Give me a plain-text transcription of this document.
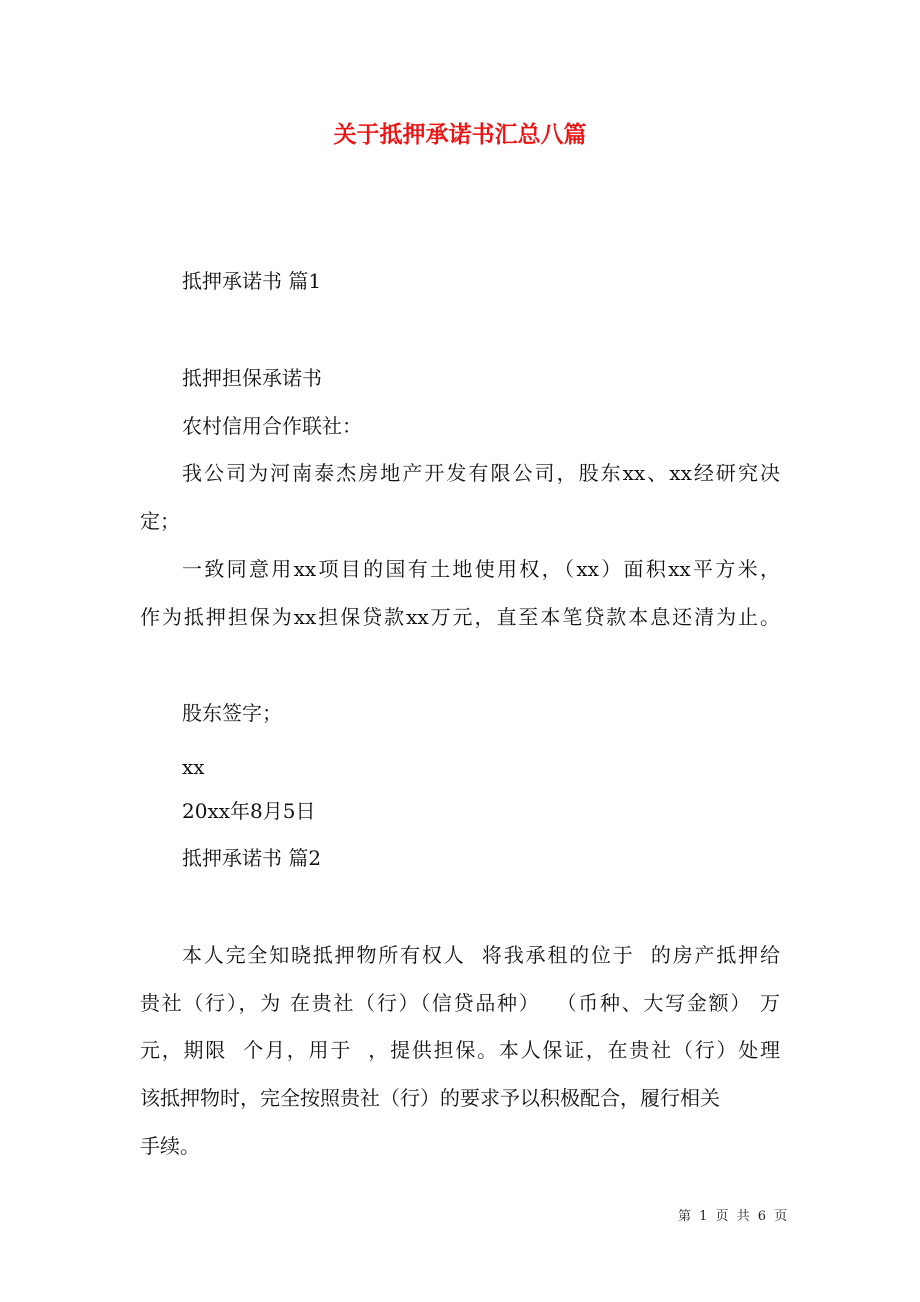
关于抵押承诺书汇总八篇
抵押承诺书 篇1
抵押担保承诺书
农村信用合作联社：
我公司为河南泰杰房地产开发有限公司，股东xx、xx经研究决
定；
一致同意用xx项目的国有土地使用权，（xx）面积xx平方米，
作为抵押担保为xx担保贷款xx万元，直至本笔贷款本息还清为止。
股东签字；
xx
20xx年8月5日
抵押承诺书 篇2
本人完全知晓抵押物所有权人  将我承租的位于  的房产抵押给
贵社（行），为 在贵社（行）（信贷品种）  （币种、大写金额） 万
元，期限  个月，用于  ，提供担保。本人保证，在贵社（行）处理
该抵押物时，完全按照贵社（行）的要求予以积极配合，履行相关
手续。
第 1 页 共 6 页
